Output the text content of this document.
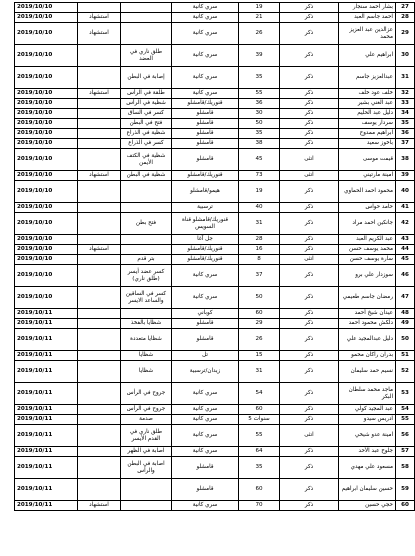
2019/10/10			سري كانية	19	ذكر	بشار احمد سنجار	27
2019/10/10	استشهاد		سري كانية	21	ذكر	احمد جاسم العبد	28
2019/10/10	استشهاد		سري كانية	26	ذكر	عزالدين عبد العزيز محمد	29
2019/10/10		طلق ناري في العضد	سري كانية	39	ذكر	ابراهيم علي	30
2019/10/10		إصابة في البطن	سري كانية	35	ذكر	عبدالعزيز جاسم	31
2019/10/10	استشهاد	طلقة في الرأس	سري كانية	55	ذكر	خلف عود خلف	32
2019/10/10		شظية في الرأس	قنوريك/قامشلو	36	ذكر	عبد الغني بشير	33
2019/10/10		كسر في الساق	قامشلو	30	ذكر	دليل عبد الحليم	34
2019/10/10		فتح في البطن	قامشلو	50	ذكر	سردار يوسف	35
2019/10/10		شظية في الذراع	قامشلو	35	ذكر	ابراهيم ممدوح	36
2019/10/10		كسر في الذراع	قامشلو	38	ذكر	باخوز سعيد	37
2019/10/10		شظية في الكتف الأيمن	قامشلو	45	انثى	قيمت موسى	38
2019/10/10	استشهاد	شظية في البطن	قنوريك/قامشلو	73	انثى	امينة مارتيني	39
2019/10/10			هيمو/قامشلو	19	ذكر	محمود احمد الحماوي	40
2019/10/10			ترسبية	40	ذكر	حامد حواس	41
2019/10/10		فتح بطن	قنوريك/قامشلو قناة السويس	31	ذكر	جانكين احمد مراد	42
2019/10/10			جل آغا	28	ذكر	عبد الكريم العبد	43
2019/10/10	استشهاد		قنوريك/قامشلو	16	ذكر	محمد يوسف حسن	44
2019/10/10		بتر قدم	قنوريك/قامشلو	8	انثى	سارة يوسف حسن	45
2019/10/10		كسر عضد أيسر (طلق ناري)	سري كانية	37	ذكر	سوزدار علي برو	46
2019/10/10		كسر في الساقين والساعد الايسر	سري كانية	50	ذكر	رمضان جاسم طعيمي	47
2019/10/11			كوباني	60	ذكر	عيدان شيخ أحمد	48
2019/10/11		شظايا بالفخذ	قامشلو	29	ذكر	دلكش محمود احمد	49
2019/10/11		شظايا متعددة	قامشلو	26	ذكر	دليل عبدالمجيد علي	50
2019/10/11		شظايا	تل	15	ذكر	بدران راكان محمو	51
2019/10/11		شظايا	زيدان/ترسبية	31	ذكر	نسيم حمد سليمان	52
2019/10/11		جروح في الرأس	سري كانية	54	ذكر	ماجد محمد سلطان البكر	53
2019/10/11		جروح في الرأس	سري كانية	60	ذكر	عبد المجيد كولي	54
2019/10/11		صدمة	سري كانية	5 سنوات	ذكر	ادريس سيدو	55
2019/10/11		طلق ناري في القدم الأيسر	سري كانية	55	انثى	امينة عدو شيخي	56
2019/10/11		اصابة في الظهر	سري كانية	64	ذكر	جلوخ عبد الأحد	57
2019/10/11		اصابة في البطن والرأس	قامشلو	35	ذكر	مسعود علي مهدي	58
2019/10/11			قامشلو	60	ذكر	حسين سليمان ابراهيم	59
2019/10/11	استشهاد		سري كانية	70	ذكر	حجي حسين	60
